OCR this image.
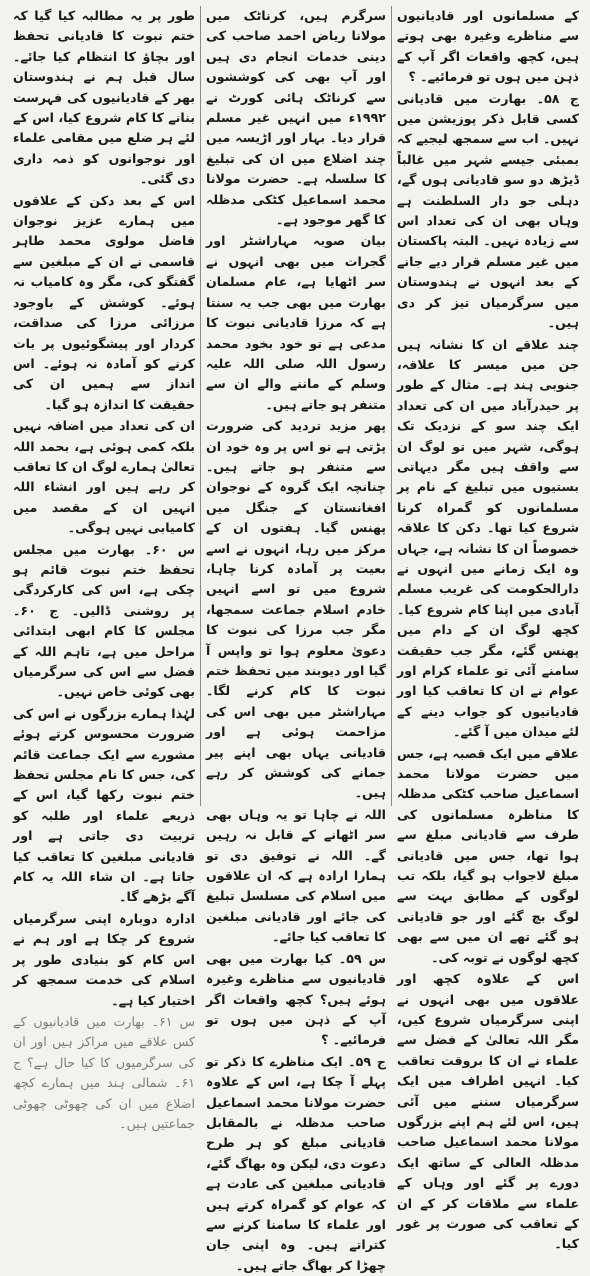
کے مسلمانوں اور قادیانیوں سے مناظرے وغیرہ بھی ہوتے ہیں، کچھ واقعات اگر آپ کے ذہن میں ہوں تو فرمائیے۔ ؟

ج ۵۸۔ بھارت میں قادیانی کسی قابل ذکر پوزیشن میں نہیں۔ اب سے سمجھ لیجیے کہ بمبئی جیسے شہر میں غالباً ڈیڑھ دو سو قادیانی ہوں گے، دہلی جو دار السلطنت ہے وہاں بھی ان کی تعداد اس سے زیادہ نہیں۔ البتہ پاکستان میں غیر مسلم قرار دیے جانے کے بعد انہوں نے ہندوستان میں سرگرمیاں تیز کر دی ہیں۔

چند علاقے ان کا نشانہ ہیں جن میں میسر کا علاقہ، جنوبی ہند ہے۔ مثال کے طور پر حیدرآباد میں ان کی تعداد ایک چند سو کے نزدیک تک ہوگی، شہر میں تو لوگ ان سے واقف ہیں مگر دیہاتی بستیوں میں تبلیغ کے نام پر مسلمانوں کو گمراہ کرنا شروع کیا تھا۔ دکن کا علاقہ خصوصاً ان کا نشانہ ہے، جہاں وہ ایک زمانے میں انہوں نے دارالحکومت کی غریب مسلم آبادی میں اپنا کام شروع کیا۔ کچھ لوگ ان کے دام میں پھنس گئے، مگر جب حقیقت سامنے آئی تو علماء کرام اور عوام نے ان کا تعاقب کیا اور قادیانیوں کو جواب دینے کے لئے میدان میں آ گئے۔

علاقے میں ایک قصبہ ہے، جس میں حضرت مولانا محمد اسماعیل صاحب کٹکی مدظلہ کا مناظرہ مسلمانوں کی طرف سے قادیانی مبلغ سے ہوا تھا، جس میں قادیانی مبلغ لاجواب ہو گیا، بلکہ تب لوگوں کے مطابق بہت سے لوگ بچ گئے اور جو قادیانی ہو گئے تھے ان میں سے بھی کچھ لوگوں نے توبہ کی۔

اس کے علاوہ کچھ اور علاقوں میں بھی انہوں نے اپنی سرگرمیاں شروع کیں، مگر اللہ تعالیٰ کے فضل سے علماء نے ان کا بروقت تعاقب کیا۔ انہیں اطراف میں ایک سرگرمیاں سننے میں آئی ہیں، اس لئے ہم اپنے بزرگوں مولانا محمد اسماعیل صاحب مدظلہ العالی کے ساتھ ایک دورے پر گئے اور وہاں کے علماء سے ملاقات کر کے ان کے تعاقب کی صورت پر غور کیا۔

سرگرم ہیں، کرناٹک میں مولانا ریاض احمد صاحب کی دینی خدمات انجام دی ہیں اور آپ بھی کی کوششوں سے کرناٹک ہائی کورٹ نے ۱۹۹۲ء میں انہیں غیر مسلم قرار دیا۔ بہار اور اڑیسہ میں چند اضلاع میں ان کی تبلیغ کا سلسلہ ہے۔ حضرت مولانا محمد اسماعیل کٹکی مدظلہ کا گھر موجود ہے۔

بیان صوبہ مہاراشٹر اور گجرات میں بھی انہوں نے سر اٹھایا ہے، عام مسلمان بھارت میں بھی جب یہ سنتا ہے کہ مرزا قادیانی نبوت کا مدعی ہے تو خود بخود محمد رسول اللہ صلی اللہ علیہ وسلم کے ماننے والے ان سے متنفر ہو جاتے ہیں۔

پھر مزید تردید کی ضرورت پڑتی ہے تو اس پر وہ خود ان سے متنفر ہو جاتے ہیں۔ چنانچہ ایک گروہ کے نوجوان افغانستان کے جنگل میں پھنس گیا۔ ہفتوں ان کے مرکز میں رہا، انہوں نے اسے بعیت پر آمادہ کرنا چاہا، شروع میں تو اسے انہیں خادم اسلام جماعت سمجھا، مگر جب مرزا کی نبوت کا دعویٰ معلوم ہوا تو واپس آ گیا اور دیوبند میں تحفظ ختم نبوت کا کام کرنے لگا۔ مہاراشٹر میں بھی اس کی مزاحمت ہوئی ہے اور قادیانی یہاں بھی اپنے پیر جمانے کی کوشش کر رہے ہیں۔

اللہ نے چاہا تو یہ وہاں بھی سر اٹھانے کے قابل نہ رہیں گے۔ اللہ نے توفیق دی تو ہمارا ارادہ ہے کہ ان علاقوں میں اسلام کی مسلسل تبلیغ کی جائے اور قادیانی مبلغین کا تعاقب کیا جائے۔

س ۵۹۔ کیا بھارت میں بھی قادیانیوں سے مناظرے وغیرہ ہوئے ہیں؟ کچھ واقعات اگر آپ کے ذہن میں ہوں تو فرمائیے۔ ؟

ج ۵۹۔ ایک مناظرے کا ذکر تو پہلے آ چکا ہے، اس کے علاوہ حضرت مولانا محمد اسماعیل صاحب مدظلہ نے بالمقابل قادیانی مبلغ کو ہر طرح دعوت دی، لیکن وہ بھاگ گئے، قادیانی مبلغین کی عادت ہے کہ عوام کو گمراہ کرتے ہیں اور علماء کا سامنا کرنے سے کتراتے ہیں۔ وہ اپنی جان چھڑا کر بھاگ جاتے ہیں۔

طور پر یہ مطالبہ کیا گیا کہ ختم نبوت کا قادیانی تحفظ اور بچاؤ کا انتظام کیا جائے۔ سال قبل ہم نے ہندوستان بھر کے قادیانیوں کی فہرست بنانے کا کام شروع کیا، اس کے لئے ہر ضلع میں مقامی علماء اور نوجوانوں کو ذمہ داری دی گئی۔

اس کے بعد دکن کے علاقوں میں ہمارے عزیز نوجوان فاضل مولوی محمد طاہر قاسمی نے ان کے مبلغین سے گفتگو کی، مگر وہ کامیاب نہ ہوئے۔ کوشش کے باوجود مرزائی مرزا کی صداقت، کردار اور پیشگوئیوں پر بات کرنے کو آمادہ نہ ہوئے۔ اس انداز سے ہمیں ان کی حقیقت کا اندازہ ہو گیا۔

ان کی تعداد میں اضافہ نہیں بلکہ کمی ہوئی ہے، بحمد اللہ تعالیٰ ہمارے لوگ ان کا تعاقب کر رہے ہیں اور انشاء اللہ انہیں ان کے مقصد میں کامیابی نہیں ہوگی۔

س ۶۰۔ بھارت میں مجلس تحفظ ختم نبوت قائم ہو چکی ہے، اس کی کارکردگی پر روشنی ڈالیں۔ ج ۶۰۔ مجلس کا کام ابھی ابتدائی مراحل میں ہے، تاہم اللہ کے فضل سے اس کی سرگرمیاں بھی کوئی خاص نہیں۔

لہٰذا ہمارے بزرگوں نے اس کی ضرورت محسوس کرتے ہوئے مشورے سے ایک جماعت قائم کی، جس کا نام مجلس تحفظ ختم نبوت رکھا گیا، اس کے ذریعے علماء اور طلبہ کو تربیت دی جاتی ہے اور قادیانی مبلغین کا تعاقب کیا جاتا ہے۔ ان شاء اللہ یہ کام آگے بڑھے گا۔

ادارہ دوبارہ اپنی سرگرمیاں شروع کر چکا ہے اور ہم نے اس کام کو بنیادی طور پر اسلام کی خدمت سمجھ کر اختیار کیا ہے۔

س ۶۱۔ بھارت میں قادیانیوں کے کس علاقے میں مراکز ہیں اور ان کی سرگرمیوں کا کیا حال ہے؟ ج ۶۱۔ شمالی ہند میں ہمارے کچھ اضلاع میں ان کی چھوٹی چھوٹی جماعتیں ہیں۔
